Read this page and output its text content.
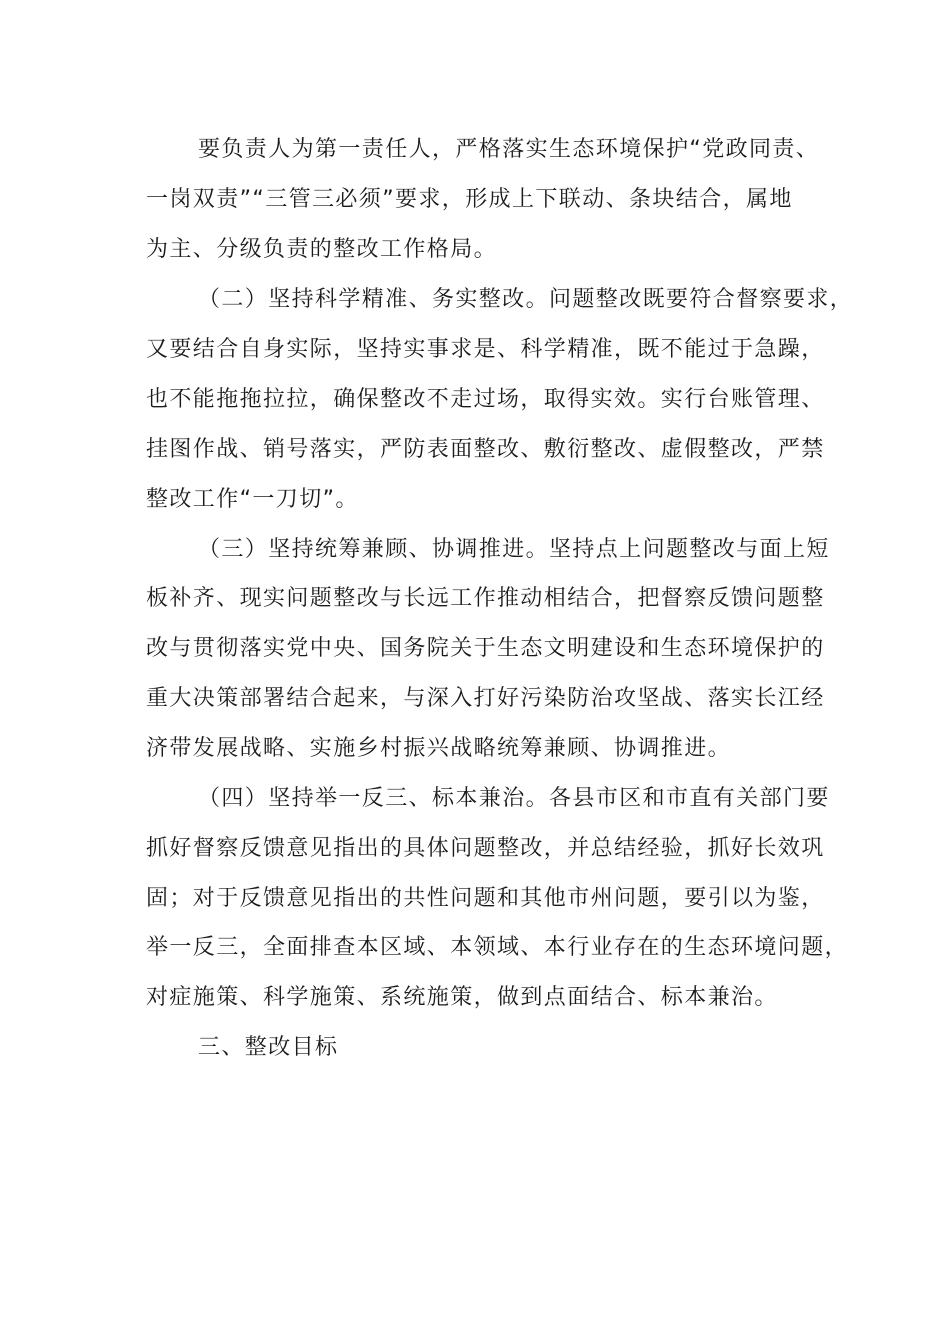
要负责人为第一责任人，严格落实生态环境保护“党政同责、
一岗双责”“三管三必须”要求，形成上下联动、条块结合，属地
为主、分级负责的整改工作格局。
（二）坚持科学精准、务实整改。问题整改既要符合督察要求，
又要结合自身实际，坚持实事求是、科学精准，既不能过于急躁，
也不能拖拖拉拉，确保整改不走过场，取得实效。实行台账管理、
挂图作战、销号落实，严防表面整改、敷衍整改、虚假整改，严禁
整改工作“一刀切”。
（三）坚持统筹兼顾、协调推进。坚持点上问题整改与面上短
板补齐、现实问题整改与长远工作推动相结合，把督察反馈问题整
改与贯彻落实党中央、国务院关于生态文明建设和生态环境保护的
重大决策部署结合起来，与深入打好污染防治攻坚战、落实长江经
济带发展战略、实施乡村振兴战略统筹兼顾、协调推进。
（四）坚持举一反三、标本兼治。各县市区和市直有关部门要
抓好督察反馈意见指出的具体问题整改，并总结经验，抓好长效巩
固；对于反馈意见指出的共性问题和其他市州问题，要引以为鉴，
举一反三，全面排查本区域、本领域、本行业存在的生态环境问题，
对症施策、科学施策、系统施策，做到点面结合、标本兼治。
三、整改目标
